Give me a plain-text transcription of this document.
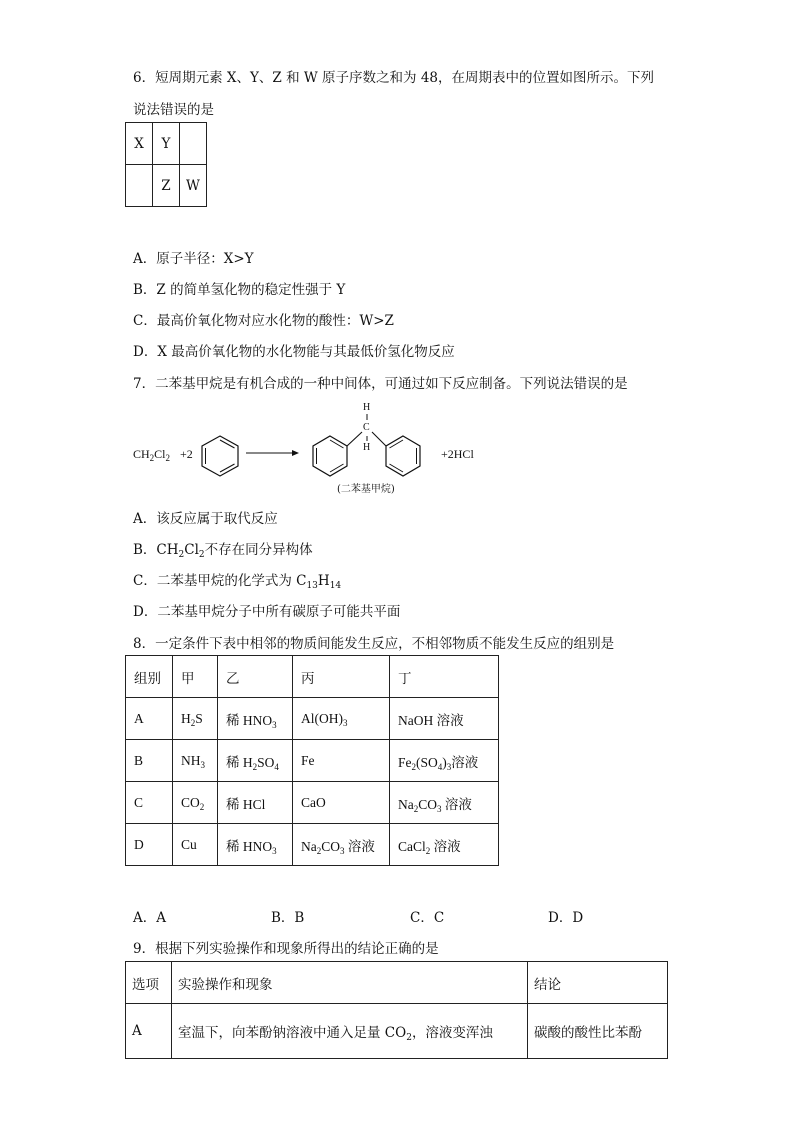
6．短周期元素 X、Y、Z 和 W 原子序数之和为 48，在周期表中的位置如图所示。下列
说法错误的是
X	Y	
	Z	W
A．原子半径：X>Y
B．Z 的简单氢化物的稳定性强于 Y
C．最高价氧化物对应水化物的酸性：W>Z
D．X 最高价氧化物的水化物能与其最低价氢化物反应
7．二苯基甲烷是有机合成的一种中间体，可通过如下反应制备。下列说法错误的是
$CH_2Cl_2 +2$
H
C
H	+2HCl
(二苯基甲烷)
A．该反应属于取代反应
B．$CH_2Cl_2$不存在同分异构体
C．二苯基甲烷的化学式为 $C_{13}H_{14}$
D．二苯基甲烷分子中所有碳原子可能共平面
8．一定条件下表中相邻的物质间能发生反应，不相邻物质不能发生反应的组别是
组别	甲	乙	丙	丁
A	$H_2S$	稀 $HNO_3$	$Al(OH)_3$	NaOH 溶液
B	$NH_3$	稀 $H_2SO_4$	Fe	$Fe_2(SO_4)_3$溶液
C	$CO_2$	稀 HCl	CaO	$Na_2CO_3$ 溶液
D	Cu	稀 $HNO_3$	$Na_2CO_3$ 溶液	CaCl$_2$ 溶液
A．A	B．B	C．C	D．D
9．根据下列实验操作和现象所得出的结论正确的是
选项	实验操作和现象	结论
A	室温下，向苯酚钠溶液中通入足量 $CO_2$，溶液变浑浊	碳酸的酸性比苯酚
